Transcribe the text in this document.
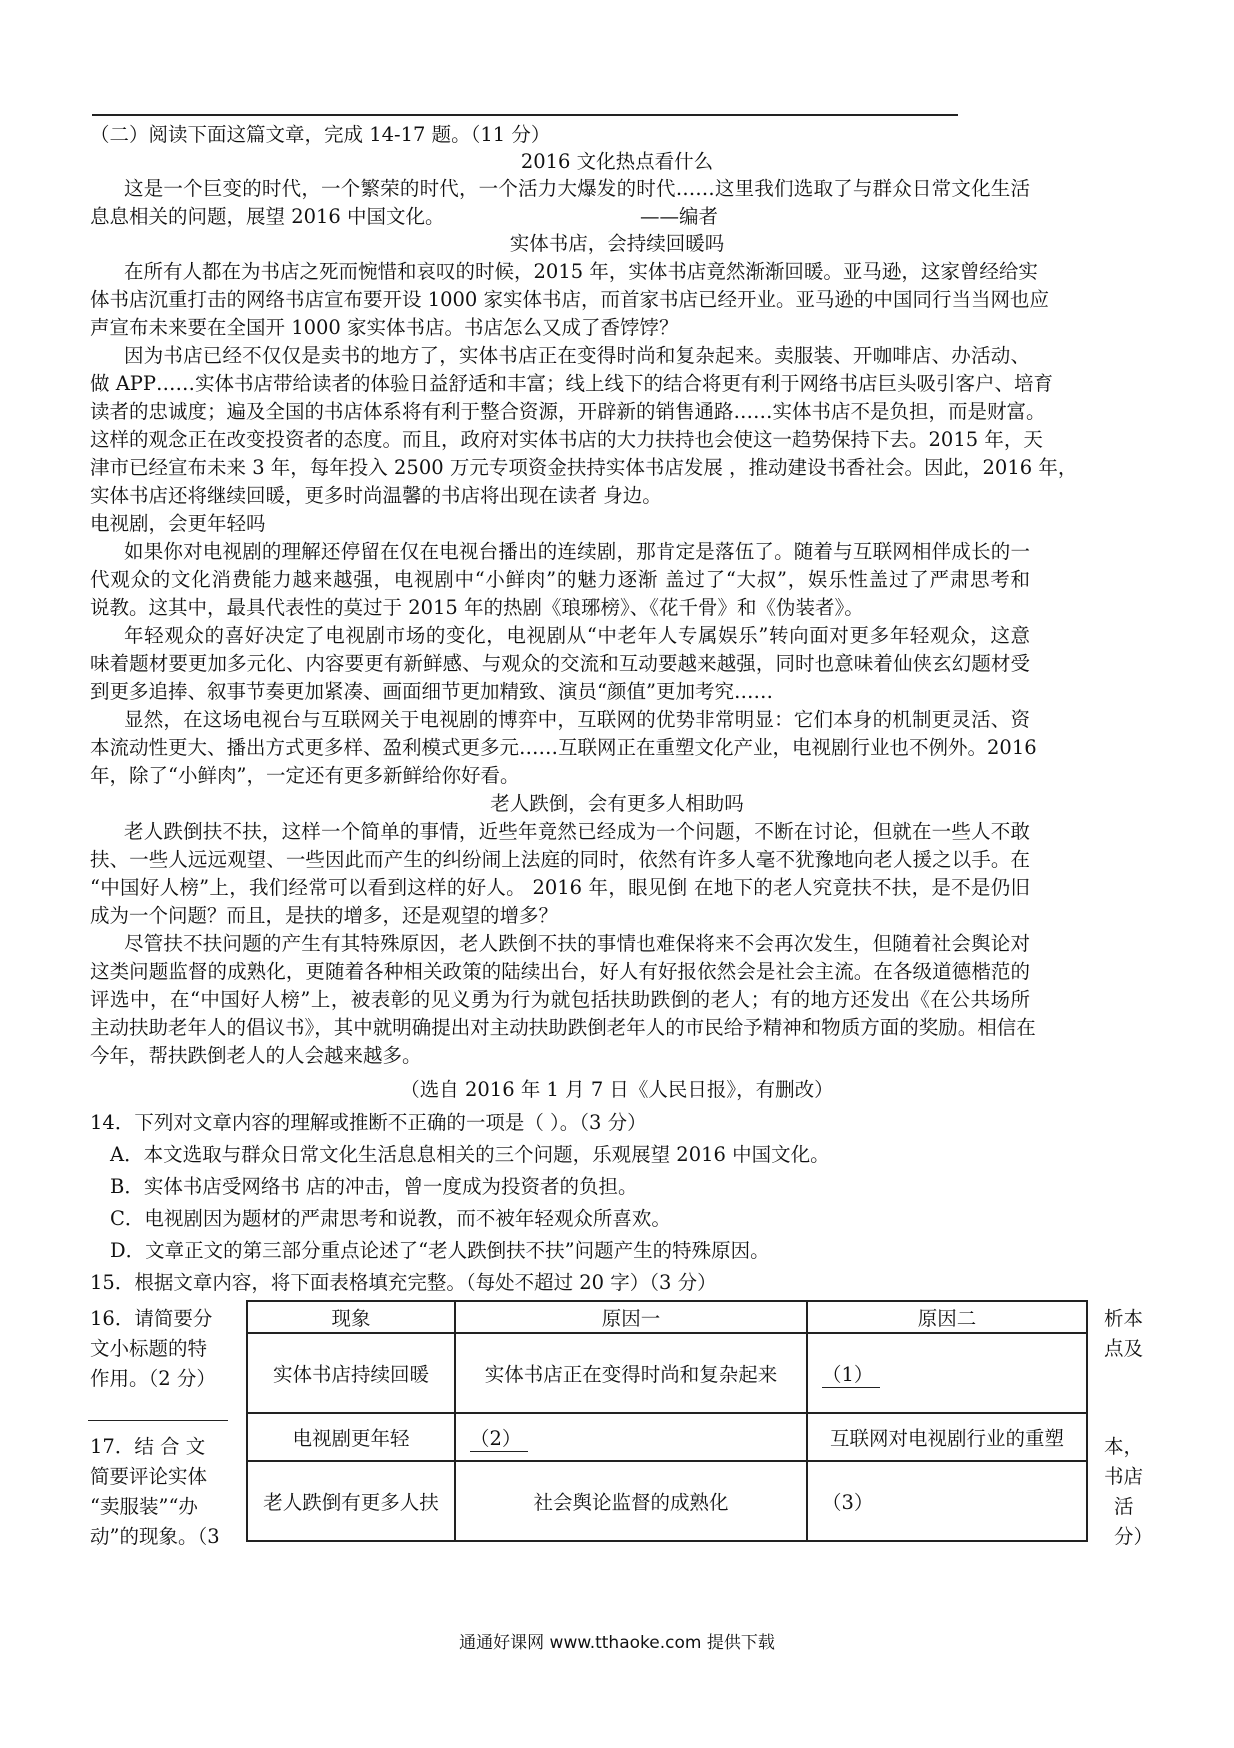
（二）阅读下面这篇文章，完成 14-17 题。（11 分）
2016 文化热点看什么
这是一个巨变的时代，一个繁荣的时代，一个活力大爆发的时代……这里我们选取了与群众日常文化生活
息息相关的问题，展望 2016 中国文化。	——编者
实体书店，会持续回暖吗
在所有人都在为书店之死而惋惜和哀叹的时候，2015 年，实体书店竟然渐渐回暖。亚马逊，这家曾经给实
体书店沉重打击的网络书店宣布要开设 1000 家实体书店，而首家书店已经开业。亚马逊的中国同行当当网也应
声宣布未来要在全国开 1000 家实体书店。书店怎么又成了香饽饽？
因为书店已经不仅仅是卖书的地方了，实体书店正在变得时尚和复杂起来。卖服装、开咖啡店、办活动、
做 APP……实体书店带给读者的体验日益舒适和丰富；线上线下的结合将更有利于网络书店巨头吸引客户、培育
读者的忠诚度；遍及全国的书店体系将有利于整合资源，开辟新的销售通路……实体书店不是负担，而是财富。
这样的观念正在改变投资者的态度。而且，政府对实体书店的大力扶持也会使这一趋势保持下去。2015 年，天
津市已经宣布未来 3 年，每年投入 2500 万元专项资金扶持实体书店发展 ，推动建设书香社会。因此，2016 年，
实体书店还将继续回暖，更多时尚温馨的书店将出现在读者 身边。
电视剧，会更年轻吗
如果你对电视剧的理解还停留在仅在电视台播出的连续剧，那肯定是落伍了。随着与互联网相伴成长的一
代观众的文化消费能力越来越强，电视剧中“小鲜肉”的魅力逐渐 盖过了“大叔”，娱乐性盖过了严肃思考和
说教。这其中，最具代表性的莫过于 2015 年的热剧《琅琊榜》、《花千骨》和《伪装者》。
年轻观众的喜好决定了电视剧市场的变化，电视剧从“中老年人专属娱乐”转向面对更多年轻观众，这意
味着题材要更加多元化、内容要更有新鲜感、与观众的交流和互动要越来越强，同时也意味着仙侠玄幻题材受
到更多追捧、叙事节奏更加紧凑、画面细节更加精致、演员“颜值”更加考究……
显然，在这场电视台与互联网关于电视剧的博弈中，互联网的优势非常明显：它们本身的机制更灵活、资
本流动性更大、播出方式更多样、盈利模式更多元……互联网正在重塑文化产业，电视剧行业也不例外。2016
年，除了“小鲜肉”，一定还有更多新鲜给你好看。
老人跌倒，会有更多人相助吗
老人跌倒扶不扶，这样一个简单的事情，近些年竟然已经成为一个问题，不断在讨论，但就在一些人不敢
扶、一些人远远观望、一些因此而产生的纠纷闹上法庭的同时，依然有许多人毫不犹豫地向老人援之以手。在
“中国好人榜”上，我们经常可以看到这样的好人。 2016 年，眼见倒 在地下的老人究竟扶不扶，是不是仍旧
成为一个问题？而且，是扶的增多，还是观望的增多？
尽管扶不扶问题的产生有其特殊原因，老人跌倒不扶的事情也难保将来不会再次发生，但随着社会舆论对
这类问题监督的成熟化，更随着各种相关政策的陆续出台，好人有好报依然会是社会主流。在各级道德楷范的
评选中，在“中国好人榜”上，被表彰的见义勇为行为就包括扶助跌倒的老人；有的地方还发出《在公共场所
主动扶助老年人的倡议书》，其中就明确提出对主动扶助跌倒老年人的市民给予精神和物质方面的奖励。相信在
今年，帮扶跌倒老人的人会越来越多。
（选自 2016 年 1 月 7 日《人民日报》，有删改）
14．下列对文章内容的理解或推断不正确的一项是（ ）。（3 分）
A．本文选取与群众日常文化生活息息相关的三个问题，乐观展望 2016 中国文化。
B．实体书店受网络书 店的冲击，曾一度成为投资者的负担。
C．电视剧因为题材的严肃思考和说教，而不被年轻观众所喜欢。
D．文章正文的第三部分重点论述了“老人跌倒扶不扶”问题产生的特殊原因。
15．根据文章内容，将下面表格填充完整。（每处不超过 20 字）（3 分）
现象	原因一	原因二
实体书店持续回暖	实体书店正在变得时尚和复杂起来	（1）
电视剧更年轻	（2）	互联网对电视剧行业的重塑
老人跌倒有更多人扶	社会舆论监督的成熟化	（3）
16．请简要分
文小标题的特
作用。（2 分）
析本
点及
17．结 合 文
简要评论实体
“卖服装”“办
动”的现象。（3
本，
书店
活
分）
通通好课网 www.tthaoke.com 提供下载
